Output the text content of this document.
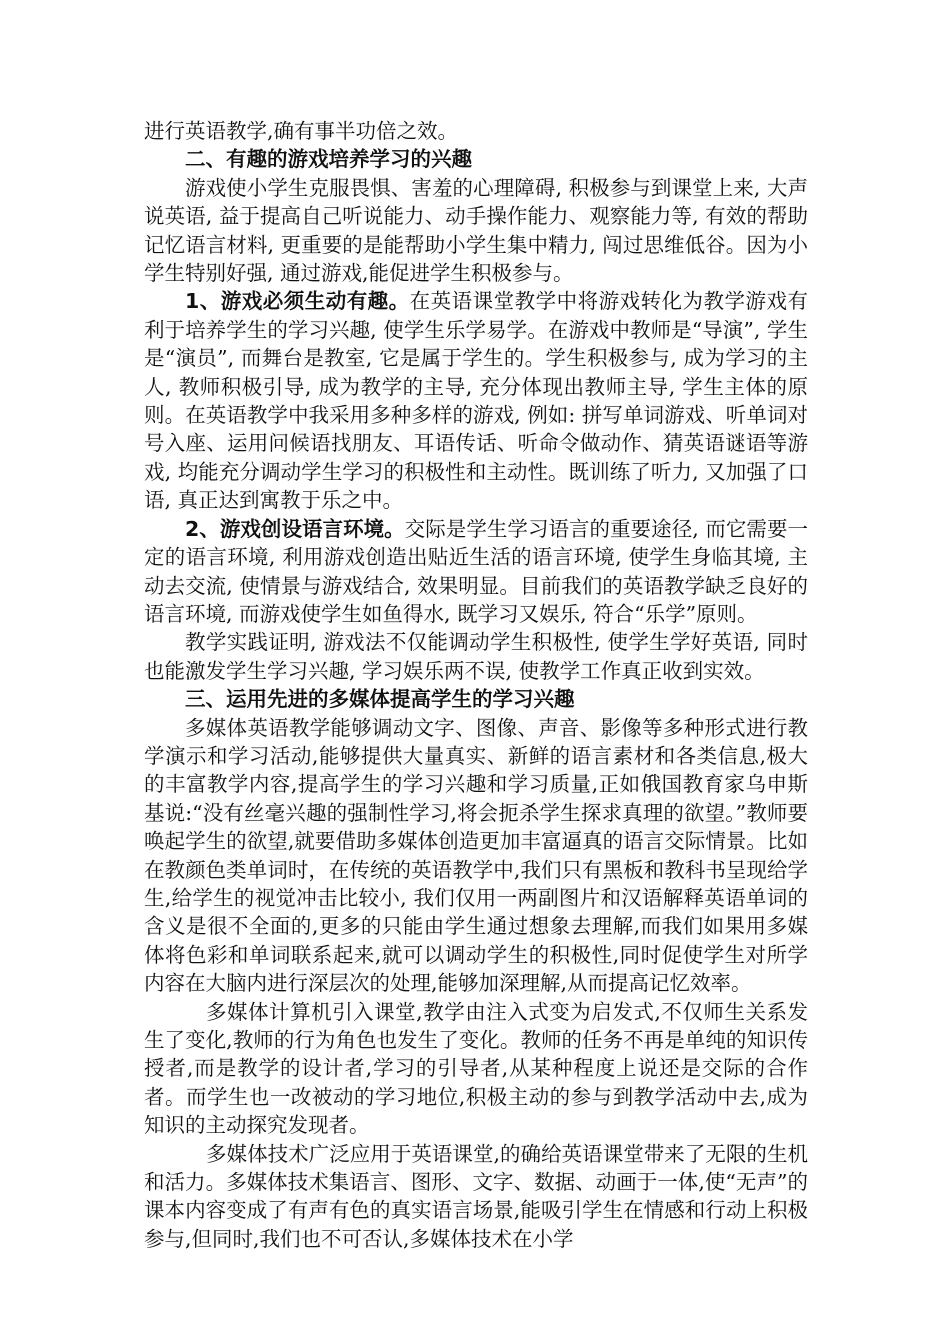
进行英语教学,确有事半功倍之效。

二、有趣的游戏培养学习的兴趣

游戏使小学生克服畏惧、害羞的心理障碍, 积极参与到课堂上来, 大声说英语, 益于提高自己听说能力、动手操作能力、观察能力等, 有效的帮助记忆语言材料, 更重要的是能帮助小学生集中精力, 闯过思维低谷。因为小学生特别好强, 通过游戏,能促进学生积极参与。

1、游戏必须生动有趣。在英语课堂教学中将游戏转化为教学游戏有利于培养学生的学习兴趣, 使学生乐学易学。在游戏中教师是“导演”, 学生是“演员”, 而舞台是教室, 它是属于学生的。学生积极参与, 成为学习的主人, 教师积极引导, 成为教学的主导, 充分体现出教师主导, 学生主体的原则。在英语教学中我采用多种多样的游戏, 例如: 拼写单词游戏、听单词对号入座、运用问候语找朋友、耳语传话、听命令做动作、猜英语谜语等游戏, 均能充分调动学生学习的积极性和主动性。既训练了听力, 又加强了口语, 真正达到寓教于乐之中。

2、游戏创设语言环境。交际是学生学习语言的重要途径, 而它需要一定的语言环境, 利用游戏创造出贴近生活的语言环境, 使学生身临其境, 主动去交流, 使情景与游戏结合, 效果明显。目前我们的英语教学缺乏良好的语言环境, 而游戏使学生如鱼得水, 既学习又娱乐, 符合“乐学”原则。

教学实践证明, 游戏法不仅能调动学生积极性, 使学生学好英语, 同时也能激发学生学习兴趣, 学习娱乐两不误, 使教学工作真正收到实效。

三、运用先进的多媒体提高学生的学习兴趣

多媒体英语教学能够调动文字、图像、声音、影像等多种形式进行教学演示和学习活动,能够提供大量真实、新鲜的语言素材和各类信息,极大的丰富教学内容,提高学生的学习兴趣和学习质量,正如俄国教育家乌申斯基说:“没有丝毫兴趣的强制性学习,将会扼杀学生探求真理的欲望。”教师要唤起学生的欲望,就要借助多媒体创造更加丰富逼真的语言交际情景。比如在教颜色类单词时，在传统的英语教学中,我们只有黑板和教科书呈现给学生,给学生的视觉冲击比较小, 我们仅用一两副图片和汉语解释英语单词的含义是很不全面的,更多的只能由学生通过想象去理解,而我们如果用多媒体将色彩和单词联系起来,就可以调动学生的积极性,同时促使学生对所学内容在大脑内进行深层次的处理,能够加深理解,从而提高记忆效率。

多媒体计算机引入课堂,教学由注入式变为启发式,不仅师生关系发生了变化,教师的行为角色也发生了变化。教师的任务不再是单纯的知识传授者,而是教学的设计者,学习的引导者,从某种程度上说还是交际的合作者。而学生也一改被动的学习地位,积极主动的参与到教学活动中去,成为知识的主动探究发现者。

多媒体技术广泛应用于英语课堂,的确给英语课堂带来了无限的生机和活力。多媒体技术集语言、图形、文字、数据、动画于一体,使“无声”的课本内容变成了有声有色的真实语言场景,能吸引学生在情感和行动上积极参与,但同时,我们也不可否认,多媒体技术在小学
